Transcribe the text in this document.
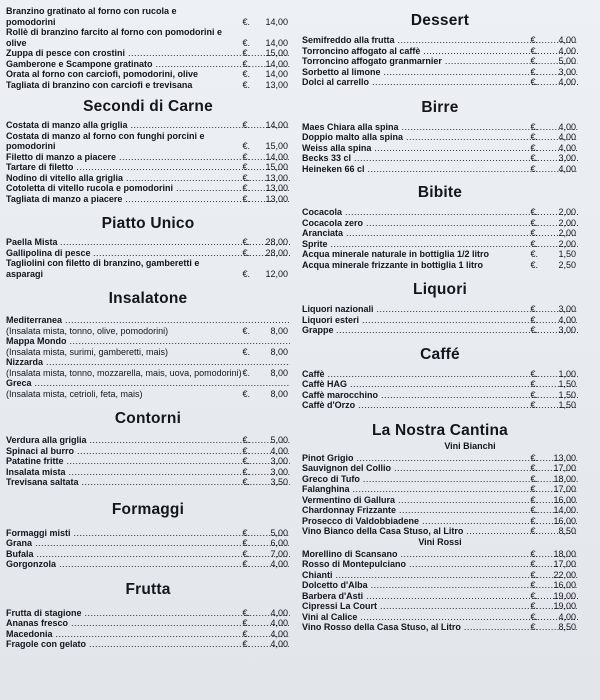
Branzino gratinato al forno con rucola e pomodorini	€. 14,00
Rollè di branzino farcito al forno con pomodorini e olive	€. 14,00
Zuppa di pesce con crostini .....	€. 15,00
Gamberone e Scampone gratinato .....	€. 14,00
Orata al forno con carciofi, pomodorini, olive	€. 14,00
Tagliata di branzino con carciofi e trevisana	€. 13,00
Secondi di Carne
Costata di manzo alla griglia .....	€. 14,00
Costata di manzo al forno con funghi porcini e pomodorini	€. 15,00
Filetto di manzo a piacere .....	€. 14,00
Tartare di filetto .....	€. 15,00
Nodino di vitello alla griglia .....	€. 13,00
Cotoletta di vitello rucola e pomodorini .....	€. 13,00
Tagliata di manzo a piacere .....	€. 13,00
Piatto Unico
Paella Mista .....	€. 28,00
Gallipolina di pesce .....	€. 28,00
Tagliolini con filetto di branzino, gamberetti e asparagi	€. 12,00
Insalatone
Mediterranea .....
(Insalata mista, tonno, olive, pomodorini)	€. 8,00
Mappa Mondo .....
(Insalata mista, surimi, gamberetti, mais)	€. 8,00
Nizzarda .....
(Insalata mista, tonno, mozzarella, mais, uova, pomodorini) €. 8,00
Greca .....
(Insalata mista, cetrioli, feta, mais)	€. 8,00
Contorni
Verdura alla griglia .....	€. 5,00
Spinaci al burro .....	€. 4,00
Patatine fritte .....	€. 3,00
Insalata mista .....	€. 3,00
Trevisana saltata .....	€. 3,50
Formaggi
Formaggi misti .....	€. 5,00
Grana .....	€. 6,00
Bufala .....	€. 7,00
Gorgonzola .....	€. 4,00
Frutta
Frutta di stagione .....	€. 4,00
Ananas fresco .....	€. 4,00
Macedonia .....	€. 4,00
Fragole con gelato .....	€. 4,00
Dessert
Semifreddo alla frutta .....	€. 4,00
Torroncino affogato al caffè .....	€. 4,00
Torroncino affogato granmarnier .....	€. 5,00
Sorbetto al limone .....	€. 3,00
Dolci al carrello .....	€. 4,00
Birre
Maes Chiara alla spina .....	€. 4,00
Doppio malto alla spina .....	€. 4,00
Weiss alla spina .....	€. 4,00
Becks 33 cl .....	€. 3,00
Heineken 66 cl .....	€. 4,00
Bibite
Cocacola .....	€. 2,00
Cocacola zero .....	€. 2,00
Aranciata .....	€. 2,00
Sprite .....	€. 2,00
Acqua minerale naturale in bottiglia 1/2 litro	€. 1,50
Acqua minerale frizzante in bottiglia 1 litro	€. 2,50
Liquori
Liquori nazionali .....	€. 3,00
Liquori esteri .....	€. 4,00
Grappe .....	€. 3,00
Caffé
Caffè .....	€. 1,00
Caffè HAG .....	€. 1,50
Caffè marocchino .....	€. 1,50
Caffè d'Orzo .....	€. 1,50
La Nostra Cantina
Vini Bianchi
Pinot Grigio .....	€. 13,00
Sauvignon del Collio .....	€. 17,00
Greco di Tufo .....	€. 18,00
Falanghina .....	€. 17,00
Vermentino di Gallura .....	€. 16,00
Chardonnay Frizzante .....	€. 14,00
Prosecco di Valdobbiadene .....	€. 16,00
Vino Bianco della Casa Stuso, al Litro .....	€. 8,50
Vini Rossi
Morellino di Scansano .....	€. 18,00
Rosso di Montepulciano .....	€. 17,00
Chianti .....	€. 22,00
Dolcetto d'Alba .....	€. 16,00
Barbera d'Asti .....	€. 19,00
Cipressi La Court .....	€. 19,00
Vini al Calice .....	€. 4,00
Vino Rosso della Casa Stuso, al Litro .....	€. 8,50
